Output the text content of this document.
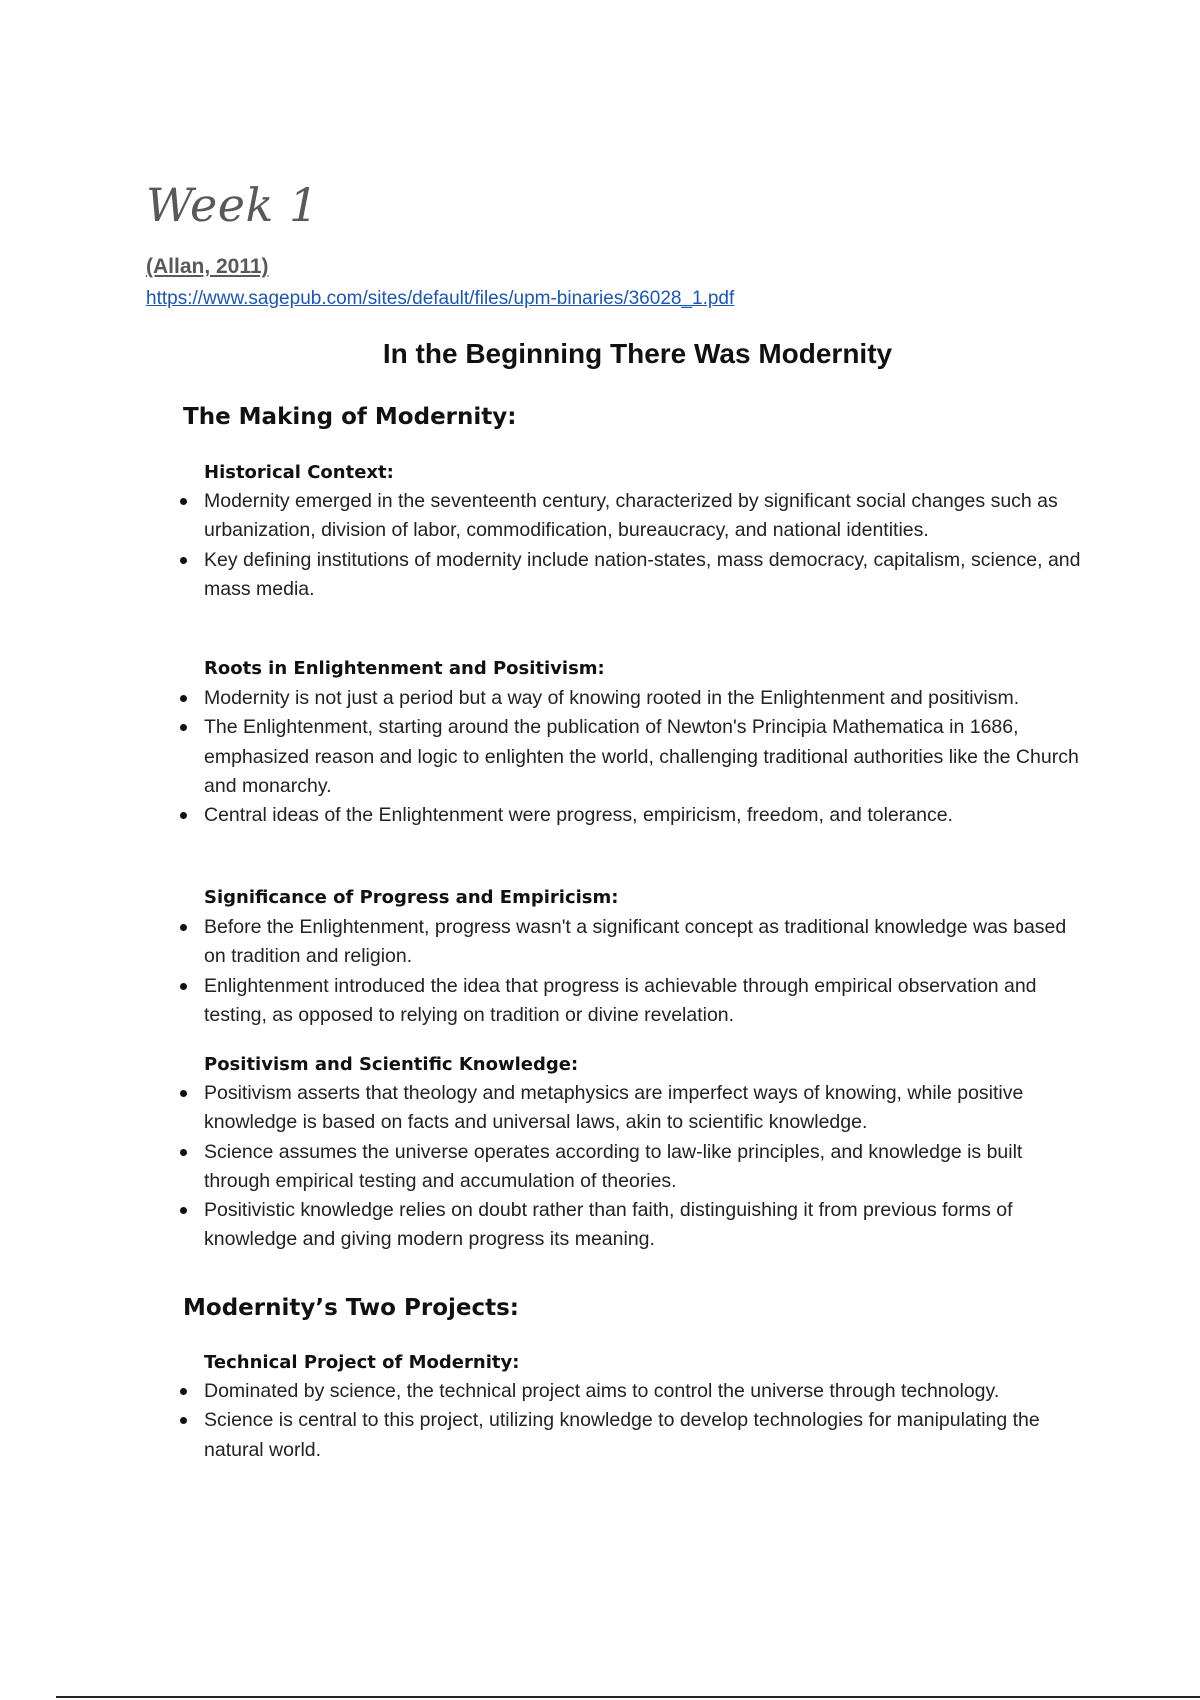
Week 1
(Allan, 2011)
https://www.sagepub.com/sites/default/files/upm-binaries/36028_1.pdf
In the Beginning There Was Modernity
The Making of Modernity:
Historical Context:
Modernity emerged in the seventeenth century, characterized by significant social changes such as urbanization, division of labor, commodification, bureaucracy, and national identities.
Key defining institutions of modernity include nation-states, mass democracy, capitalism, science, and mass media.
Roots in Enlightenment and Positivism:
Modernity is not just a period but a way of knowing rooted in the Enlightenment and positivism.
The Enlightenment, starting around the publication of Newton's Principia Mathematica in 1686, emphasized reason and logic to enlighten the world, challenging traditional authorities like the Church and monarchy.
Central ideas of the Enlightenment were progress, empiricism, freedom, and tolerance.
Significance of Progress and Empiricism:
Before the Enlightenment, progress wasn't a significant concept as traditional knowledge was based on tradition and religion.
Enlightenment introduced the idea that progress is achievable through empirical observation and testing, as opposed to relying on tradition or divine revelation.
Positivism and Scientific Knowledge:
Positivism asserts that theology and metaphysics are imperfect ways of knowing, while positive knowledge is based on facts and universal laws, akin to scientific knowledge.
Science assumes the universe operates according to law-like principles, and knowledge is built through empirical testing and accumulation of theories.
Positivistic knowledge relies on doubt rather than faith, distinguishing it from previous forms of knowledge and giving modern progress its meaning.
Modernity’s Two Projects:
Technical Project of Modernity:
Dominated by science, the technical project aims to control the universe through technology.
Science is central to this project, utilizing knowledge to develop technologies for manipulating the natural world.
